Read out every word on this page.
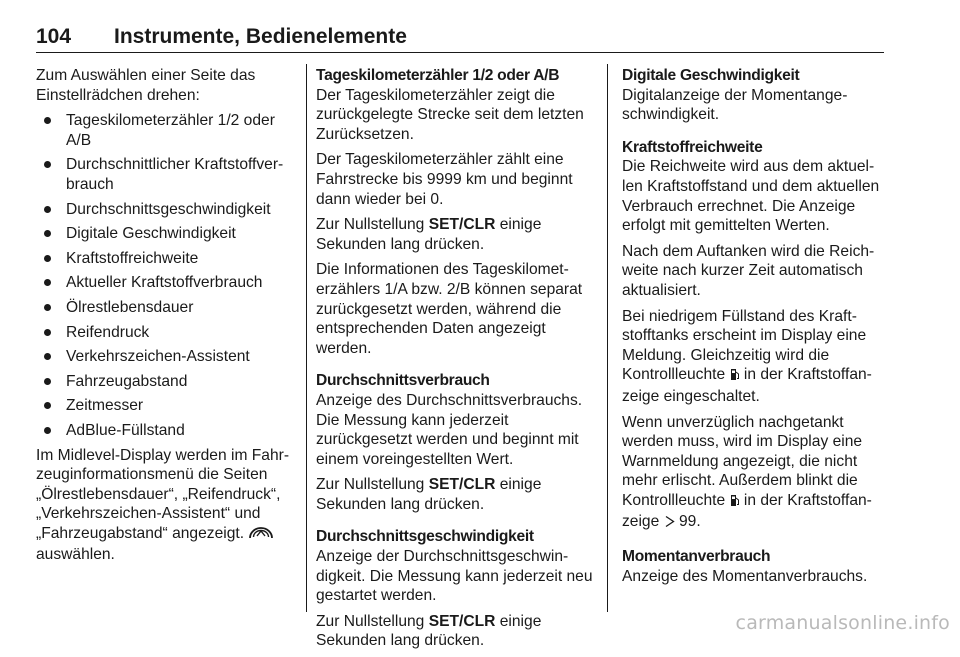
104 Instrumente, Bedienelemente
Zum Auswählen einer Seite das Einstellrädchen drehen:
Tageskilometerzähler 1/2 oder A/B
Durchschnittlicher Kraftstoffverbrauch
Durchschnittsgeschwindigkeit
Digitale Geschwindigkeit
Kraftstoffreichweite
Aktueller Kraftstoffverbrauch
Ölrestlebensdauer
Reifendruck
Verkehrszeichen-Assistent
Fahrzeugabstand
Zeitmesser
AdBlue-Füllstand
Im Midlevel-Display werden im Fahrzeuginformationsmenü die Seiten „Ölrestlebensdauer“, „Reifendruck“, „Verkehrszeichen-Assistent“ und „Fahrzeugabstand“ angezeigt.
auswählen.
Tageskilometerzähler 1/2 oder A/B
Der Tageskilometerzähler zeigt die zurückgelegte Strecke seit dem letzten Zurücksetzen.
Der Tageskilometerzähler zählt eine Fahrstrecke bis 9999 km und beginnt dann wieder bei 0.
Zur Nullstellung SET/CLR einige
Sekunden lang drücken.
Die Informationen des Tageskilometerzählers 1/A bzw. 2/B können separat zurückgesetzt werden, während die entsprechenden Daten angezeigt werden.
Durchschnittsverbrauch
Anzeige des Durchschnittsverbrauchs. Die Messung kann jederzeit zurückgesetzt werden und beginnt mit einem voreingestellten Wert.
Zur Nullstellung SET/CLR einige
Sekunden lang drücken.
Durchschnittsgeschwindigkeit
Anzeige der Durchschnittsgeschwindigkeit. Die Messung kann jederzeit neu gestartet werden.
Zur Nullstellung SET/CLR einige
Sekunden lang drücken.
Digitale Geschwindigkeit
Digitalanzeige der Momentangeschwindigkeit.
Kraftstoffreichweite
Die Reichweite wird aus dem aktuellen Kraftstoffstand und dem aktuellen Verbrauch errechnet. Die Anzeige erfolgt mit gemittelten Werten.
Nach dem Auftanken wird die Reichweite nach kurzer Zeit automatisch aktualisiert.
Bei niedrigem Füllstand des Kraftstofftanks erscheint im Display eine Meldung. Gleichzeitig wird die Kontrollleuchte in der Kraftstoffanzeige eingeschaltet.
Wenn unverzüglich nachgetankt werden muss, wird im Display eine Warnmeldung angezeigt, die nicht mehr erlischt. Außerdem blinkt die Kontrollleuchte in der Kraftstoffanzeige 99.
Momentanverbrauch
Anzeige des Momentanverbrauchs.
carmanualsonline.info
